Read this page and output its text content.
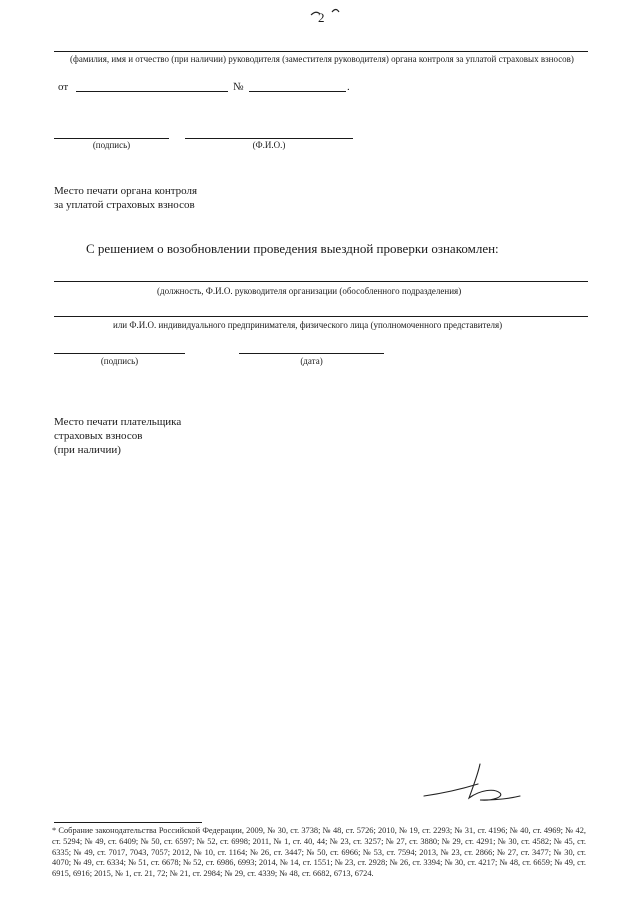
2
(фамилия, имя и отчество (при наличии) руководителя (заместителя руководителя) органа контроля за уплатой страховых взносов)
от	№	.
(подпись)	(Ф.И.О.)
Место печати органа контроля
за уплатой страховых взносов
С решением о возобновлении проведения выездной проверки ознакомлен:
(должность, Ф.И.О. руководителя организации (обособленного подразделения)
или Ф.И.О. индивидуального предпринимателя, физического лица (уполномоченного представителя)
(подпись)	(дата)
Место печати плательщика
страховых взносов
(при наличии)
* Собрание законодательства Российской Федерации, 2009, № 30, ст. 3738; № 48, ст. 5726; 2010, № 19, ст. 2293; № 31, ст. 4196; № 40, ст. 4969; № 42, ст. 5294; № 49, ст. 6409; № 50, ст. 6597; № 52, ст. 6998; 2011, № 1, ст. 40, 44; № 23, ст. 3257; № 27, ст. 3880; № 29, ст. 4291; № 30, ст. 4582; № 45, ст. 6335; № 49, ст. 7017, 7043, 7057; 2012, № 10, ст. 1164; № 26, ст. 3447; № 50, ст. 6966; № 53, ст. 7594; 2013, № 23, ст. 2866; № 27, ст. 3477; № 30, ст. 4070; № 49, ст. 6334; № 51, ст. 6678; № 52, ст. 6986, 6993; 2014, № 14, ст. 1551; № 23, ст. 2928; № 26, ст. 3394; № 30, ст. 4217; № 48, ст. 6659; № 49, ст. 6915, 6916; 2015, № 1, ст. 21, 72; № 21, ст. 2984; № 29, ст. 4339; № 48, ст. 6682, 6713, 6724.
